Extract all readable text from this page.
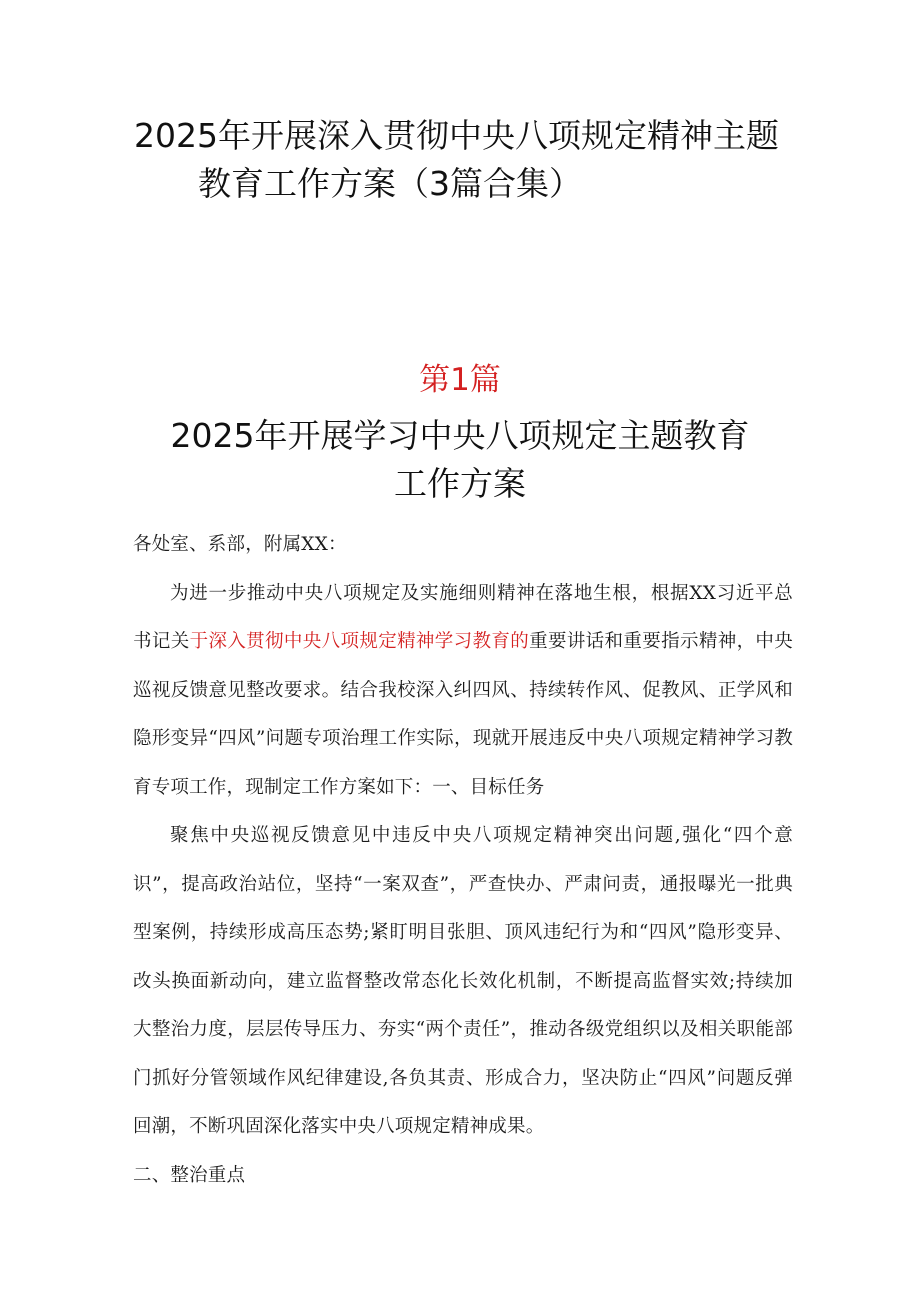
2025年开展深入贯彻中央八项规定精神主题
教育工作方案（3篇合集）
第1篇
2025年开展学习中央八项规定主题教育
工作方案

各处室、系部，附属XX：

为进一步推动中央八项规定及实施细则精神在落地生根，根据XX习近平总书记关于深入贯彻中央八项规定精神学习教育的重要讲话和重要指示精神，中央巡视反馈意见整改要求。结合我校深入纠四风、持续转作风、促教风、正学风和隐形变异“四风”问题专项治理工作实际，现就开展违反中央八项规定精神学习教育专项工作，现制定工作方案如下：一、目标任务

聚焦中央巡视反馈意见中违反中央八项规定精神突出问题,强化“四个意识”，提高政治站位，坚持“一案双查”，严查快办、严肃问责，通报曝光一批典型案例，持续形成高压态势;紧盯明目张胆、顶风违纪行为和“四风”隐形变异、改头换面新动向，建立监督整改常态化长效化机制，不断提高监督实效;持续加大整治力度，层层传导压力、夯实“两个责任”，推动各级党组织以及相关职能部门抓好分管领域作风纪律建设,各负其责、形成合力，坚决防止“四风”问题反弹回潮，不断巩固深化落实中央八项规定精神成果。

二、整治重点
